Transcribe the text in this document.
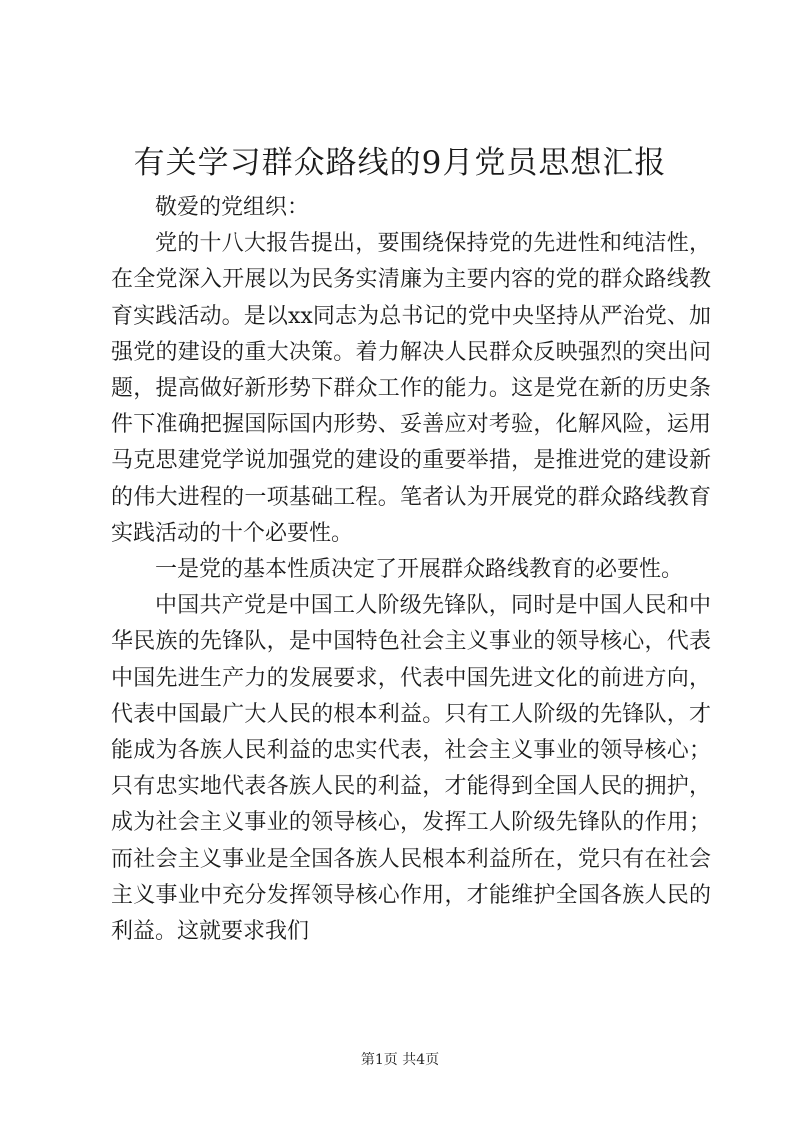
有关学习群众路线的9月党员思想汇报

敬爱的党组织：

党的十八大报告提出，要围绕保持党的先进性和纯洁性，在全党深入开展以为民务实清廉为主要内容的党的群众路线教育实践活动。是以xx同志为总书记的党中央坚持从严治党、加强党的建设的重大决策。着力解决人民群众反映强烈的突出问题，提高做好新形势下群众工作的能力。这是党在新的历史条件下准确把握国际国内形势、妥善应对考验，化解风险，运用马克思建党学说加强党的建设的重要举措，是推进党的建设新的伟大进程的一项基础工程。笔者认为开展党的群众路线教育实践活动的十个必要性。

一是党的基本性质决定了开展群众路线教育的必要性。

中国共产党是中国工人阶级先锋队，同时是中国人民和中华民族的先锋队，是中国特色社会主义事业的领导核心，代表中国先进生产力的发展要求，代表中国先进文化的前进方向，代表中国最广大人民的根本利益。只有工人阶级的先锋队，才能成为各族人民利益的忠实代表，社会主义事业的领导核心；只有忠实地代表各族人民的利益，才能得到全国人民的拥护，成为社会主义事业的领导核心，发挥工人阶级先锋队的作用；而社会主义事业是全国各族人民根本利益所在，党只有在社会主义事业中充分发挥领导核心作用，才能维护全国各族人民的利益。这就要求我们

第1页 共4页
